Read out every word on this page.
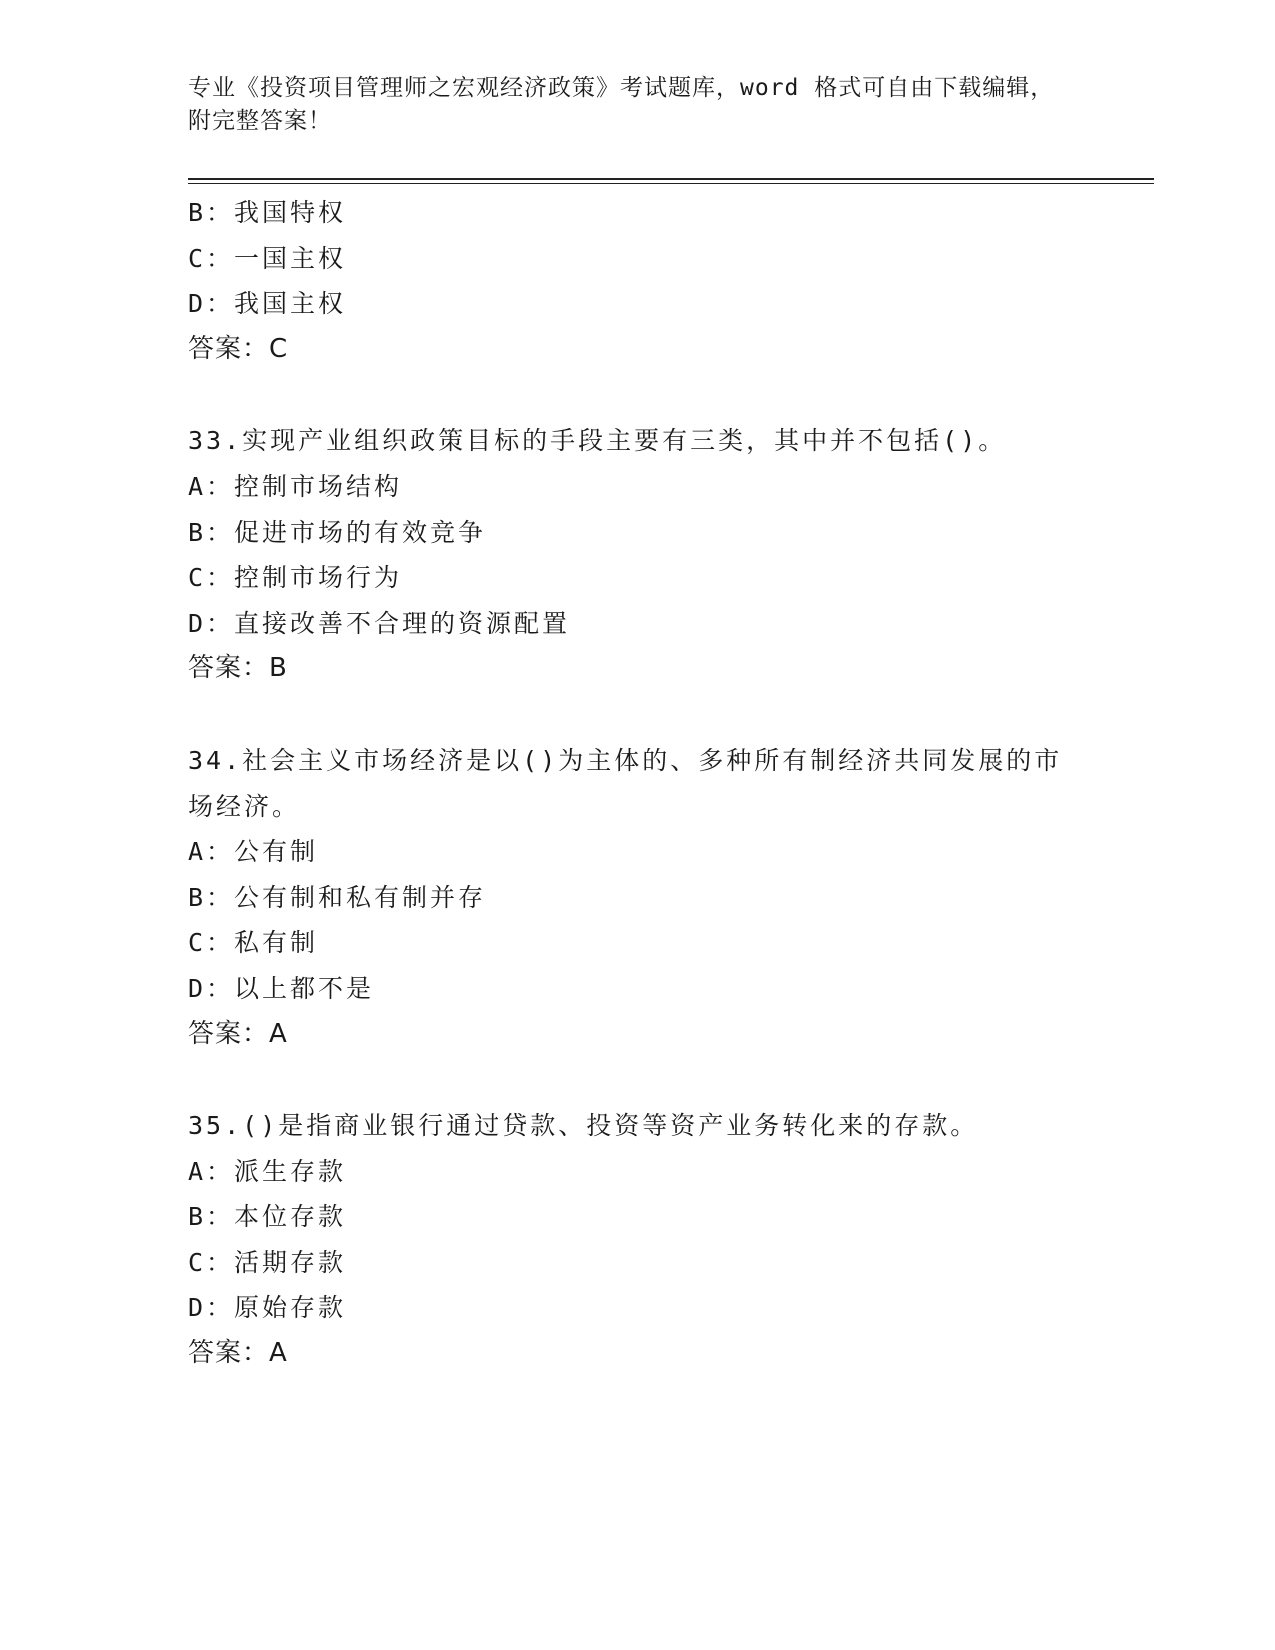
专业《投资项目管理师之宏观经济政策》考试题库，word 格式可自由下载编辑，
附完整答案！
B：我国特权
C：一国主权
D：我国主权
答案：C
33.实现产业组织政策目标的手段主要有三类，其中并不包括()。
A：控制市场结构
B：促进市场的有效竞争
C：控制市场行为
D：直接改善不合理的资源配置
答案：B
34.社会主义市场经济是以()为主体的、多种所有制经济共同发展的市
场经济。
A：公有制
B：公有制和私有制并存
C：私有制
D：以上都不是
答案：A
35.()是指商业银行通过贷款、投资等资产业务转化来的存款。
A：派生存款
B：本位存款
C：活期存款
D：原始存款
答案：A
